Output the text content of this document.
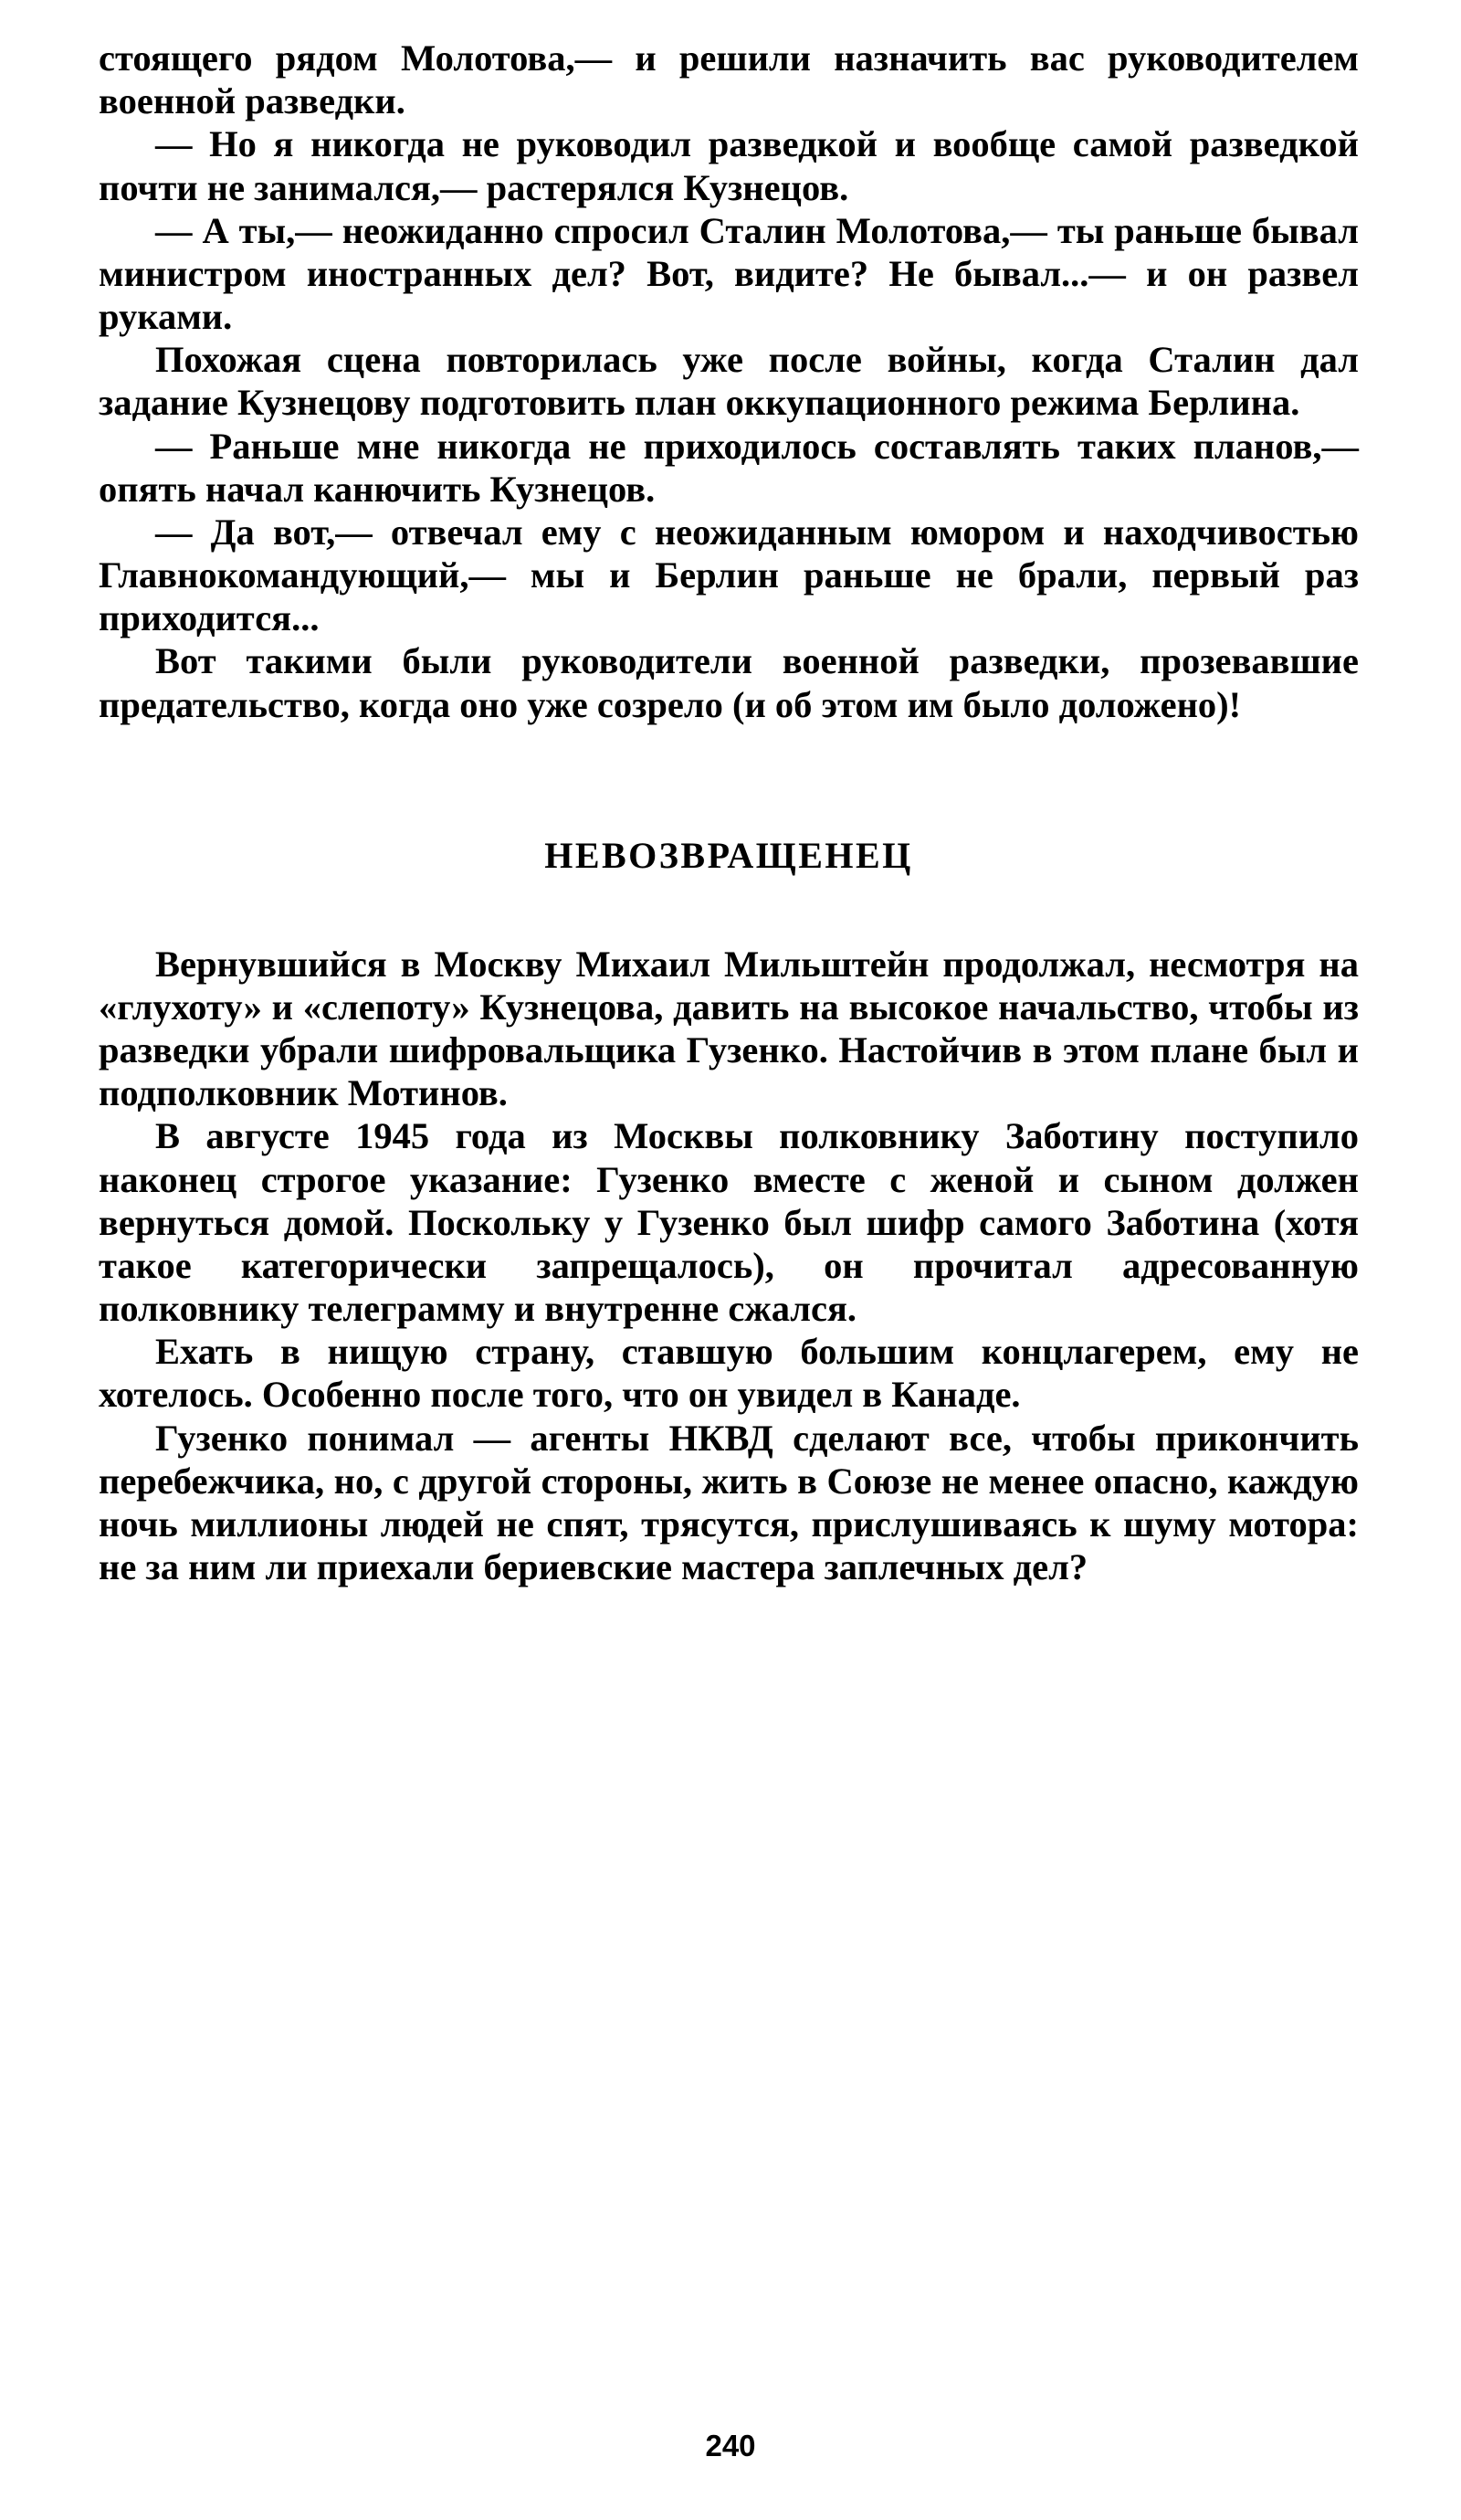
стоящего рядом Молотова,— и решили назначить вас руководителем военной разведки.

— Но я никогда не руководил разведкой и вообще самой разведкой почти не занимался,— растерялся Кузнецов.

— А ты,— неожиданно спросил Сталин Молотова,— ты раньше бывал министром иностранных дел? Вот, видите? Не бывал...— и он развел руками.

Похожая сцена повторилась уже после войны, когда Сталин дал задание Кузнецову подготовить план оккупационного режима Берлина.

— Раньше мне никогда не приходилось составлять таких планов,— опять начал канючить Кузнецов.

— Да вот,— отвечал ему с неожиданным юмором и находчивостью Главнокомандующий,— мы и Берлин раньше не брали, первый раз приходится...

Вот такими были руководители военной разведки, прозевавшие предательство, когда оно уже созрело (и об этом им было доложено)!

НЕВОЗВРАЩЕНЕЦ

Вернувшийся в Москву Михаил Мильштейн продолжал, несмотря на «глухоту» и «слепоту» Кузнецова, давить на высокое начальство, чтобы из разведки убрали шифровальщика Гузенко. Настойчив в этом плане был и подполковник Мотинов.

В августе 1945 года из Москвы полковнику Заботину поступило наконец строгое указание: Гузенко вместе с женой и сыном должен вернуться домой. Поскольку у Гузенко был шифр самого Заботина (хотя такое категорически запрещалось), он прочитал адресованную полковнику телеграмму и внутренне сжался.

Ехать в нищую страну, ставшую большим концлагерем, ему не хотелось. Особенно после того, что он увидел в Канаде.

Гузенко понимал — агенты НКВД сделают все, чтобы прикончить перебежчика, но, с другой стороны, жить в Союзе не менее опасно, каждую ночь миллионы людей не спят, трясутся, прислушиваясь к шуму мотора: не за ним ли приехали бериевские мастера заплечных дел?

240
